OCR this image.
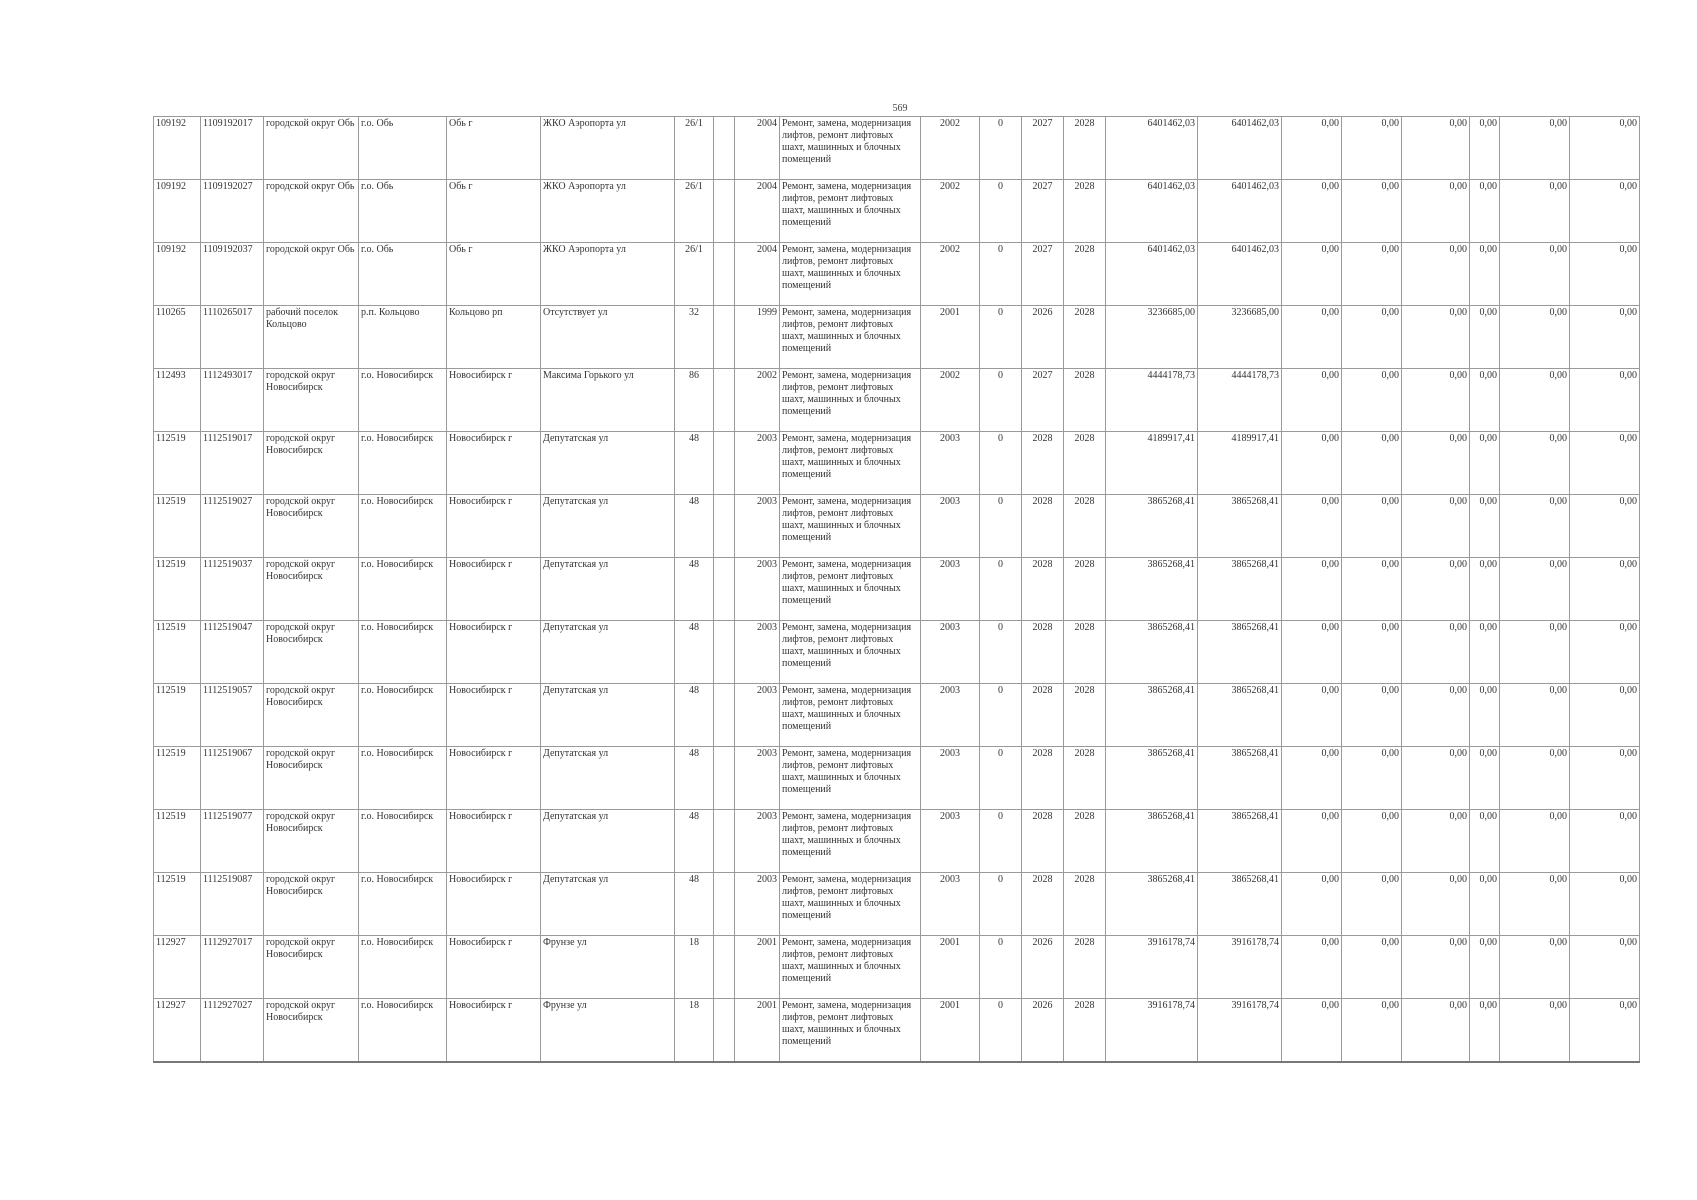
569
109192	1109192017	городской округ Обь	г.о. Обь	Обь г	ЖКО Аэропорта ул	26/1		2004	Ремонт, замена, модернизация лифтов, ремонт лифтовых шахт, машинных и блочных помещений	2002	0	2027	2028	6401462,03	6401462,03	0,00	0,00	0,00	0,00	0,00	0,00
109192	1109192027	городской округ Обь	г.о. Обь	Обь г	ЖКО Аэропорта ул	26/1		2004	Ремонт, замена, модернизация лифтов, ремонт лифтовых шахт, машинных и блочных помещений	2002	0	2027	2028	6401462,03	6401462,03	0,00	0,00	0,00	0,00	0,00	0,00
109192	1109192037	городской округ Обь	г.о. Обь	Обь г	ЖКО Аэропорта ул	26/1		2004	Ремонт, замена, модернизация лифтов, ремонт лифтовых шахт, машинных и блочных помещений	2002	0	2027	2028	6401462,03	6401462,03	0,00	0,00	0,00	0,00	0,00	0,00
110265	1110265017	рабочий поселок Кольцово	р.п. Кольцово	Кольцово рп	Отсутствует ул	32		1999	Ремонт, замена, модернизация лифтов, ремонт лифтовых шахт, машинных и блочных помещений	2001	0	2026	2028	3236685,00	3236685,00	0,00	0,00	0,00	0,00	0,00	0,00
112493	1112493017	городской округ Новосибирск	г.о. Новосибирск	Новосибирск г	Максима Горького ул	86		2002	Ремонт, замена, модернизация лифтов, ремонт лифтовых шахт, машинных и блочных помещений	2002	0	2027	2028	4444178,73	4444178,73	0,00	0,00	0,00	0,00	0,00	0,00
112519	1112519017	городской округ Новосибирск	г.о. Новосибирск	Новосибирск г	Депутатская ул	48		2003	Ремонт, замена, модернизация лифтов, ремонт лифтовых шахт, машинных и блочных помещений	2003	0	2028	2028	4189917,41	4189917,41	0,00	0,00	0,00	0,00	0,00	0,00
112519	1112519027	городской округ Новосибирск	г.о. Новосибирск	Новосибирск г	Депутатская ул	48		2003	Ремонт, замена, модернизация лифтов, ремонт лифтовых шахт, машинных и блочных помещений	2003	0	2028	2028	3865268,41	3865268,41	0,00	0,00	0,00	0,00	0,00	0,00
112519	1112519037	городской округ Новосибирск	г.о. Новосибирск	Новосибирск г	Депутатская ул	48		2003	Ремонт, замена, модернизация лифтов, ремонт лифтовых шахт, машинных и блочных помещений	2003	0	2028	2028	3865268,41	3865268,41	0,00	0,00	0,00	0,00	0,00	0,00
112519	1112519047	городской округ Новосибирск	г.о. Новосибирск	Новосибирск г	Депутатская ул	48		2003	Ремонт, замена, модернизация лифтов, ремонт лифтовых шахт, машинных и блочных помещений	2003	0	2028	2028	3865268,41	3865268,41	0,00	0,00	0,00	0,00	0,00	0,00
112519	1112519057	городской округ Новосибирск	г.о. Новосибирск	Новосибирск г	Депутатская ул	48		2003	Ремонт, замена, модернизация лифтов, ремонт лифтовых шахт, машинных и блочных помещений	2003	0	2028	2028	3865268,41	3865268,41	0,00	0,00	0,00	0,00	0,00	0,00
112519	1112519067	городской округ Новосибирск	г.о. Новосибирск	Новосибирск г	Депутатская ул	48		2003	Ремонт, замена, модернизация лифтов, ремонт лифтовых шахт, машинных и блочных помещений	2003	0	2028	2028	3865268,41	3865268,41	0,00	0,00	0,00	0,00	0,00	0,00
112519	1112519077	городской округ Новосибирск	г.о. Новосибирск	Новосибирск г	Депутатская ул	48		2003	Ремонт, замена, модернизация лифтов, ремонт лифтовых шахт, машинных и блочных помещений	2003	0	2028	2028	3865268,41	3865268,41	0,00	0,00	0,00	0,00	0,00	0,00
112519	1112519087	городской округ Новосибирск	г.о. Новосибирск	Новосибирск г	Депутатская ул	48		2003	Ремонт, замена, модернизация лифтов, ремонт лифтовых шахт, машинных и блочных помещений	2003	0	2028	2028	3865268,41	3865268,41	0,00	0,00	0,00	0,00	0,00	0,00
112927	1112927017	городской округ Новосибирск	г.о. Новосибирск	Новосибирск г	Фрунзе ул	18		2001	Ремонт, замена, модернизация лифтов, ремонт лифтовых шахт, машинных и блочных помещений	2001	0	2026	2028	3916178,74	3916178,74	0,00	0,00	0,00	0,00	0,00	0,00
112927	1112927027	городской округ Новосибирск	г.о. Новосибирск	Новосибирск г	Фрунзе ул	18		2001	Ремонт, замена, модернизация лифтов, ремонт лифтовых шахт, машинных и блочных помещений	2001	0	2026	2028	3916178,74	3916178,74	0,00	0,00	0,00	0,00	0,00	0,00
